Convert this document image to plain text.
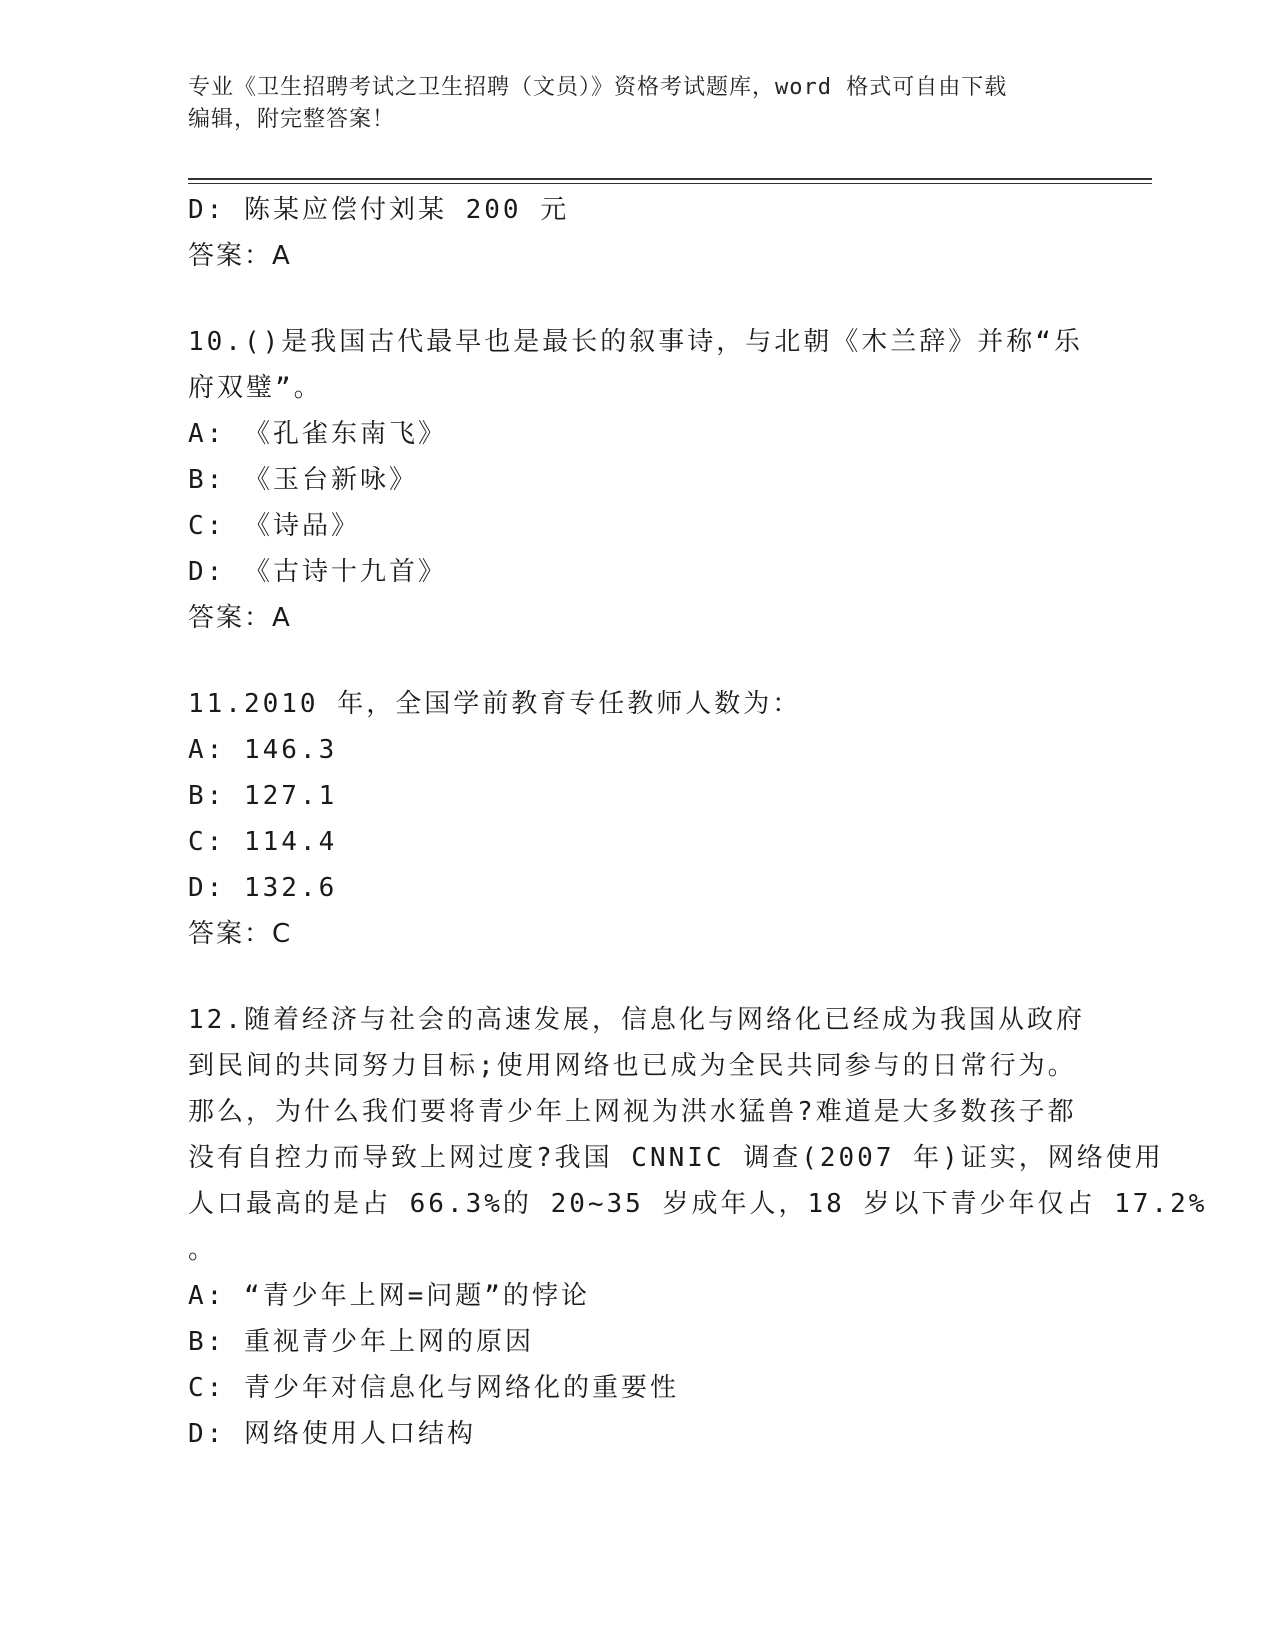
专业《卫生招聘考试之卫生招聘（文员）》资格考试题库，word 格式可自由下载
编辑，附完整答案！
D: 陈某应偿付刘某 200 元
答案：A
10.()是我国古代最早也是最长的叙事诗，与北朝《木兰辞》并称“乐
府双璧”。
A: 《孔雀东南飞》
B: 《玉台新咏》
C: 《诗品》
D: 《古诗十九首》
答案：A
11.2010 年，全国学前教育专任教师人数为：
A: 146.3
B: 127.1
C: 114.4
D: 132.6
答案：C
12.随着经济与社会的高速发展，信息化与网络化已经成为我国从政府
到民间的共同努力目标;使用网络也已成为全民共同参与的日常行为。
那么，为什么我们要将青少年上网视为洪水猛兽?难道是大多数孩子都
没有自控力而导致上网过度?我国 CNNIC 调查(2007 年)证实，网络使用
人口最高的是占 66.3%的 20~35 岁成年人，18 岁以下青少年仅占 17.2%
。
A: “青少年上网=问题”的悖论
B: 重视青少年上网的原因
C: 青少年对信息化与网络化的重要性
D: 网络使用人口结构
